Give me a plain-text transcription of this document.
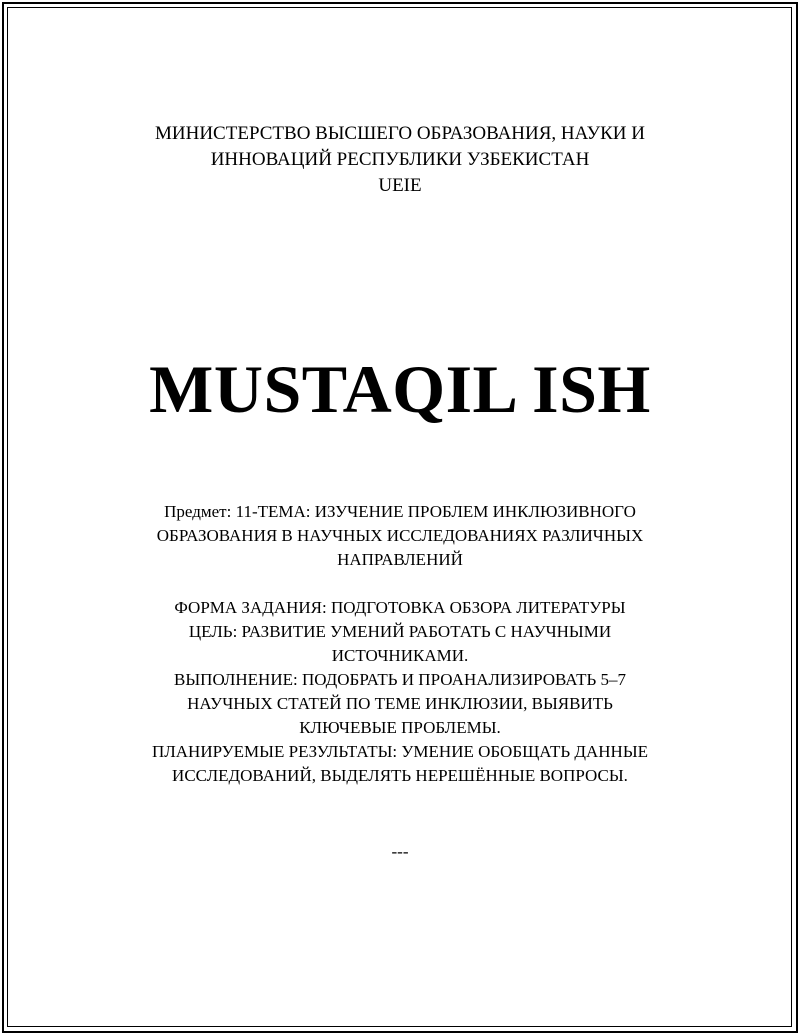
МИНИСТЕРСТВО ВЫСШЕГО ОБРАЗОВАНИЯ, НАУКИ И
ИННОВАЦИЙ РЕСПУБЛИКИ УЗБЕКИСТАН
UEIE
MUSTAQIL ISH
Предмет: 11-ТЕМА: ИЗУЧЕНИЕ ПРОБЛЕМ ИНКЛЮЗИВНОГО
ОБРАЗОВАНИЯ В НАУЧНЫХ ИССЛЕДОВАНИЯХ РАЗЛИЧНЫХ
НАПРАВЛЕНИЙ
ФОРМА ЗАДАНИЯ: ПОДГОТОВКА ОБЗОРА ЛИТЕРАТУРЫ
ЦЕЛЬ: РАЗВИТИЕ УМЕНИЙ РАБОТАТЬ С НАУЧНЫМИ
ИСТОЧНИКАМИ.
ВЫПОЛНЕНИЕ: ПОДОБРАТЬ И ПРОАНАЛИЗИРОВАТЬ 5–7
НАУЧНЫХ СТАТЕЙ ПО ТЕМЕ ИНКЛЮЗИИ, ВЫЯВИТЬ
КЛЮЧЕВЫЕ ПРОБЛЕМЫ.
ПЛАНИРУЕМЫЕ РЕЗУЛЬТАТЫ: УМЕНИЕ ОБОБЩАТЬ ДАННЫЕ
ИССЛЕДОВАНИЙ, ВЫДЕЛЯТЬ НЕРЕШЁННЫЕ ВОПРОСЫ.
---
